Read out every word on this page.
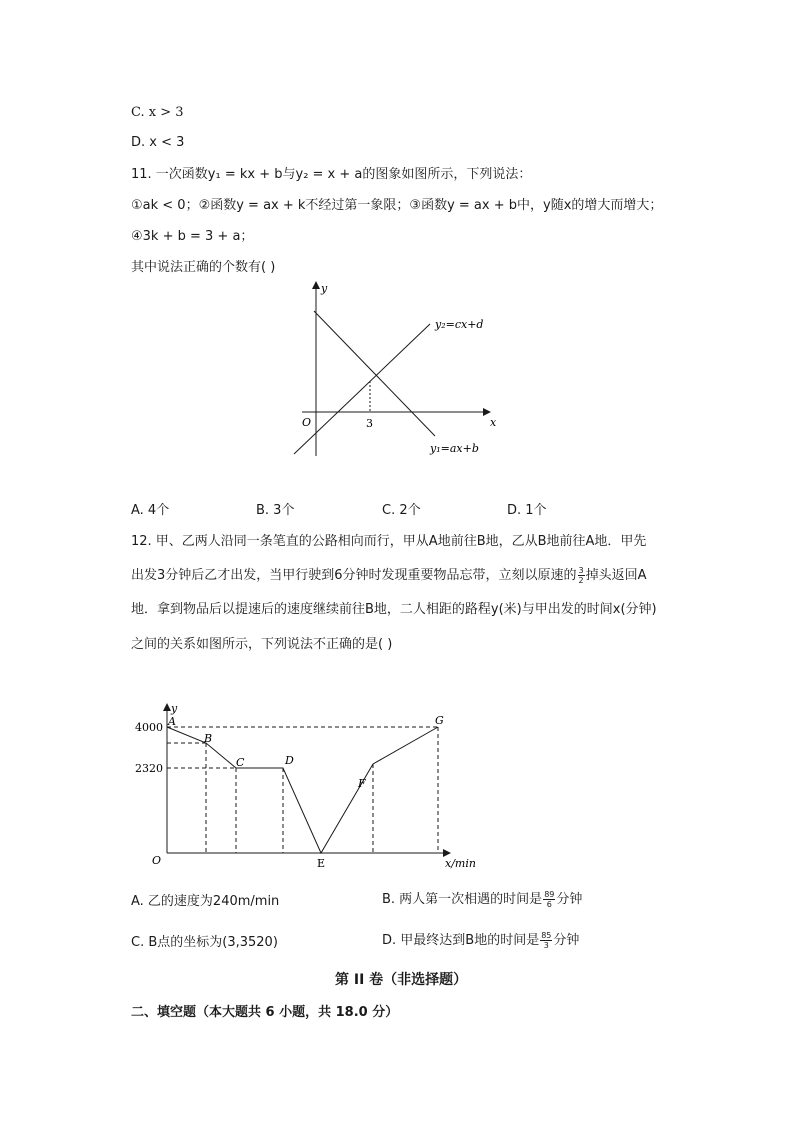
C. x > 3
D. x < 3
11. 一次函数y₁ = kx + b与y₂ = x + a的图象如图所示，下列说法：
①ak < 0；②函数y = ax + k不经过第一象限；③函数y = ax + b中，y随x的增大而增大；
④3k + b = 3 + a；
其中说法正确的个数有( )
y
x
O	3
y₂=cx+d
y₁=ax+b
A. 4个	B. 3个	C. 2个	D. 1个
12. 甲、乙两人沿同一条笔直的公路相向而行，甲从A地前往B地，乙从B地前往A地．甲先
出发3分钟后乙才出发，当甲行驶到6分钟时发现重要物品忘带，立刻以原速的 $\frac{3}{2}$ 掉头返回A
地．拿到物品后以提速后的速度继续前往B地，二人相距的路程y(米)与甲出发的时间x(分钟)
之间的关系如图所示，下列说法不正确的是( )
y
x/min
O
4000
2320
A
B
C	D
E
F
G
A. 乙的速度为240m/min	B. 两人第一次相遇的时间是 $\frac{89}{6}$ 分钟
C. B点的坐标为(3,3520)	D. 甲最终达到B地的时间是 $\frac{85}{3}$ 分钟
第 II 卷（非选择题）
二、填空题（本大题共 6 小题，共 18.0 分）
